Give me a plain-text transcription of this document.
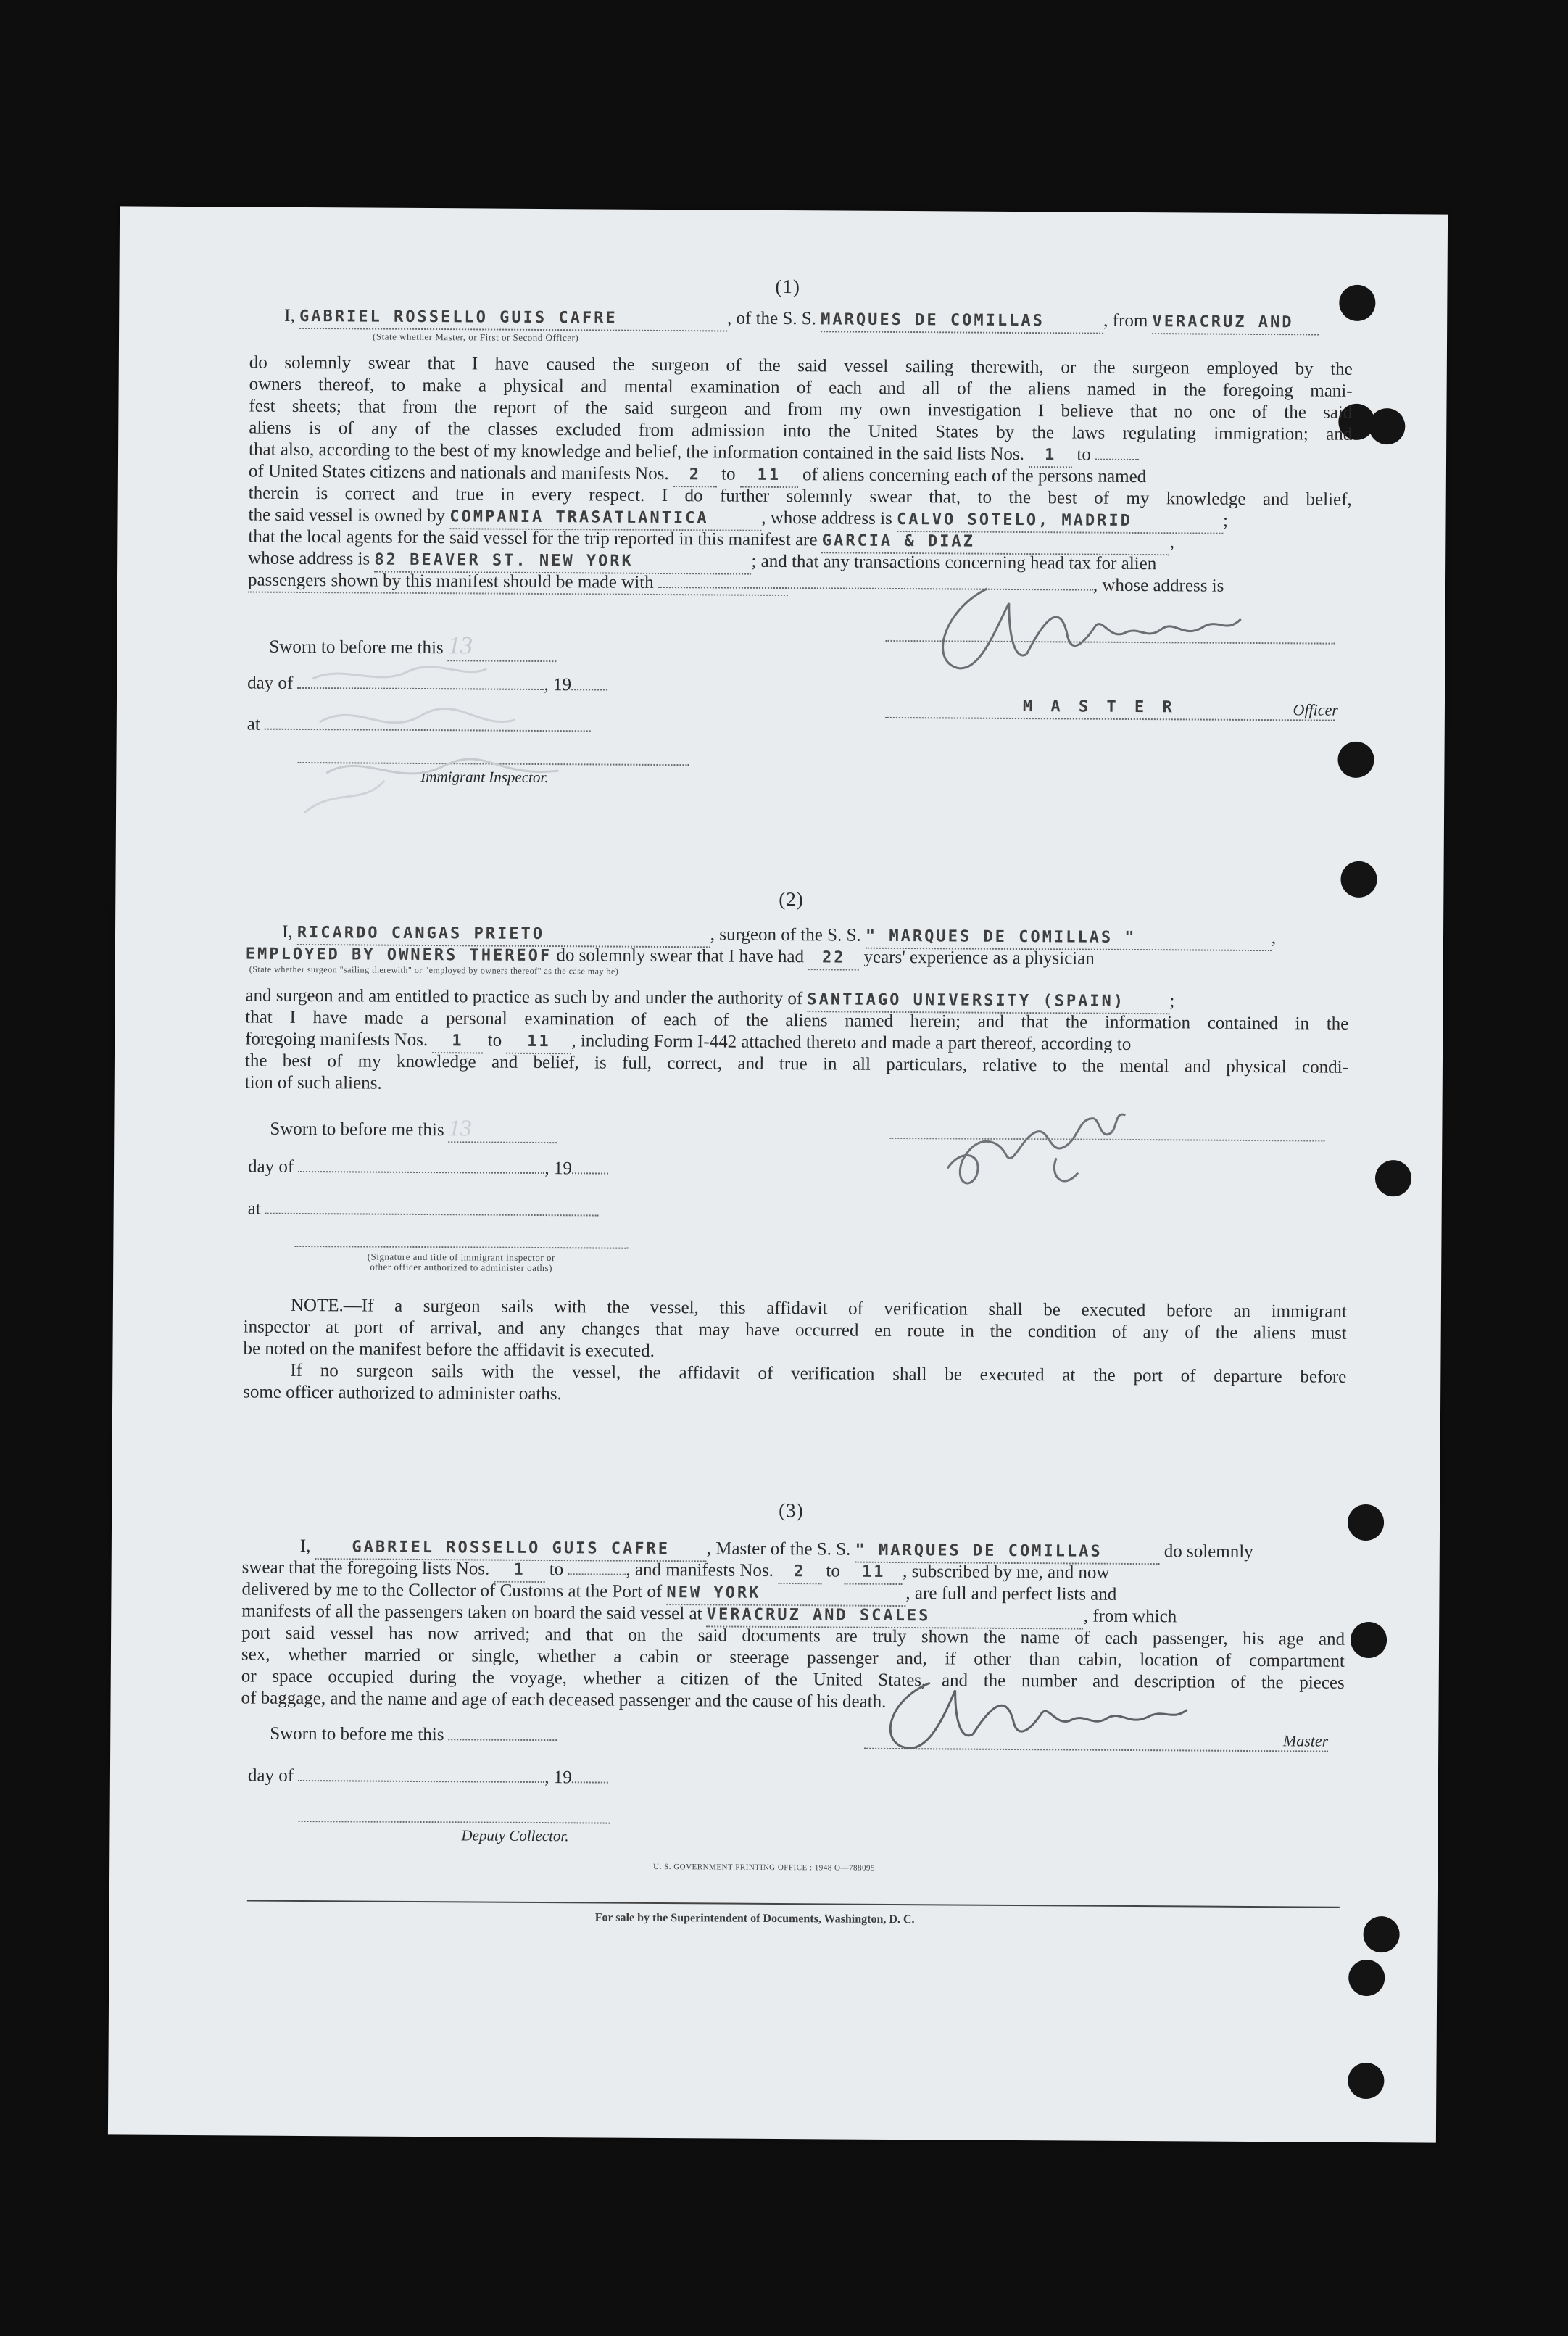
(1)
I, GABRIEL ROSSELLO GUIS CAFRE	, of the S. S. MARQUES DE COMILLAS	, from VERACRUZ AND
(State whether Master, or First or Second Officer)
do solemnly swear that I have caused the surgeon of the said vessel sailing therewith, or the surgeon employed by the
owners thereof, to make a physical and mental examination of each and all of the aliens named in the foregoing mani-
fest sheets; that from the report of the said surgeon and from my own investigation I believe that no one of the said
aliens is of any of the classes excluded from admission into the United States by the laws regulating immigration; and
that also, according to the best of my knowledge and belief, the information contained in the said lists Nos. 1 to
of United States citizens and nationals and manifests Nos. 2 to 11 of aliens concerning each of the persons named
therein is correct and true in every respect. I do further solemnly swear that, to the best of my knowledge and belief,
the said vessel is owned by COMPANIA TRASATLANTICA	, whose address is CALVO SOTELO, MADRID	;
that the local agents for the said vessel for the trip reported in this manifest are GARCIA & DIAZ	,
whose address is 82 BEAVER ST. NEW YORK	; and that any transactions concerning head tax for alien
passengers shown by this manifest should be made with	, whose address is
Sworn to before me this 13
day of	, 19
at
Immigrant Inspector.
M A S T E R	Officer
(2)
I, RICARDO CANGAS PRIETO	, surgeon of the S. S. " MARQUES DE COMILLAS "	,
EMPLOYED BY OWNERS THEREOF do solemnly swear that I have had 22 years' experience as a physician
(State whether surgeon "sailing therewith" or "employed by owners thereof" as the case may be)
and surgeon and am entitled to practice as such by and under the authority of SANTIAGO UNIVERSITY (SPAIN) ;
that I have made a personal examination of each of the aliens named herein; and that the information contained in the
foregoing manifests Nos. 1 to 11 , including Form I-442 attached thereto and made a part thereof, according to
the best of my knowledge and belief, is full, correct, and true in all particulars, relative to the mental and physical condi-
tion of such aliens.
Sworn to before me this 13
day of	, 19
at
(Signature and title of immigrant inspector or
other officer authorized to administer oaths)
NOTE.—If a surgeon sails with the vessel, this affidavit of verification shall be executed before an immigrant
inspector at port of arrival, and any changes that may have occurred en route in the condition of any of the aliens must
be noted on the manifest before the affidavit is executed.
If no surgeon sails with the vessel, the affidavit of verification shall be executed at the port of departure before
some officer authorized to administer oaths.
(3)
I, GABRIEL ROSSELLO GUIS CAFRE , Master of the S. S. " MARQUES DE COMILLAS	do solemnly
swear that the foregoing lists Nos. 1 to	, and manifests Nos. 2 to 11 , subscribed by me, and now
delivered by me to the Collector of Customs at the Port of NEW YORK	, are full and perfect lists and
manifests of all the passengers taken on board the said vessel at VERACRUZ AND SCALES	, from which
port said vessel has now arrived; and that on the said documents are truly shown the name of each passenger, his age and
sex, whether married or single, whether a cabin or steerage passenger and, if other than cabin, location of compartment
or space occupied during the voyage, whether a citizen of the United States, and the number and description of the pieces
of baggage, and the name and age of each deceased passenger and the cause of his death.
Sworn to before me this	Master
day of	, 19
Deputy Collector.
U. S. GOVERNMENT PRINTING OFFICE : 1948 O—788095
For sale by the Superintendent of Documents, Washington, D. C.
